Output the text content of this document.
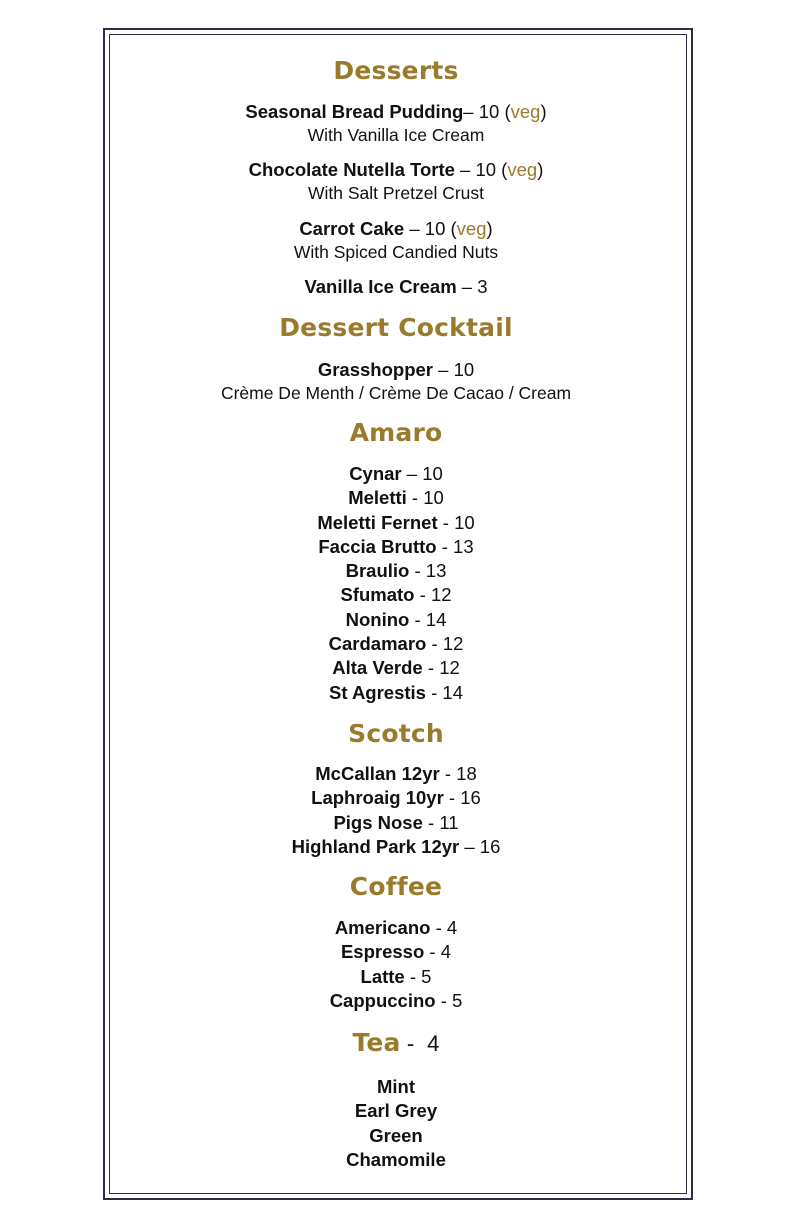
Desserts
Seasonal Bread Pudding– 10 (veg)
With Vanilla Ice Cream
Chocolate Nutella Torte – 10 (veg)
With Salt Pretzel Crust
Carrot Cake – 10 (veg)
With Spiced Candied Nuts
Vanilla Ice Cream – 3
Dessert Cocktail
Grasshopper – 10
Crème De Menth / Crème De Cacao / Cream
Amaro
Cynar – 10
Meletti - 10
Meletti Fernet - 10
Faccia Brutto - 13
Braulio - 13
Sfumato - 12
Nonino - 14
Cardamaro - 12
Alta Verde - 12
St Agrestis - 14
Scotch
McCallan 12yr - 18
Laphroaig 10yr - 16
Pigs Nose - 11
Highland Park 12yr – 16
Coffee
Americano - 4
Espresso - 4
Latte - 5
Cappuccino - 5
Tea -  4
Mint
Earl Grey
Green
Chamomile
